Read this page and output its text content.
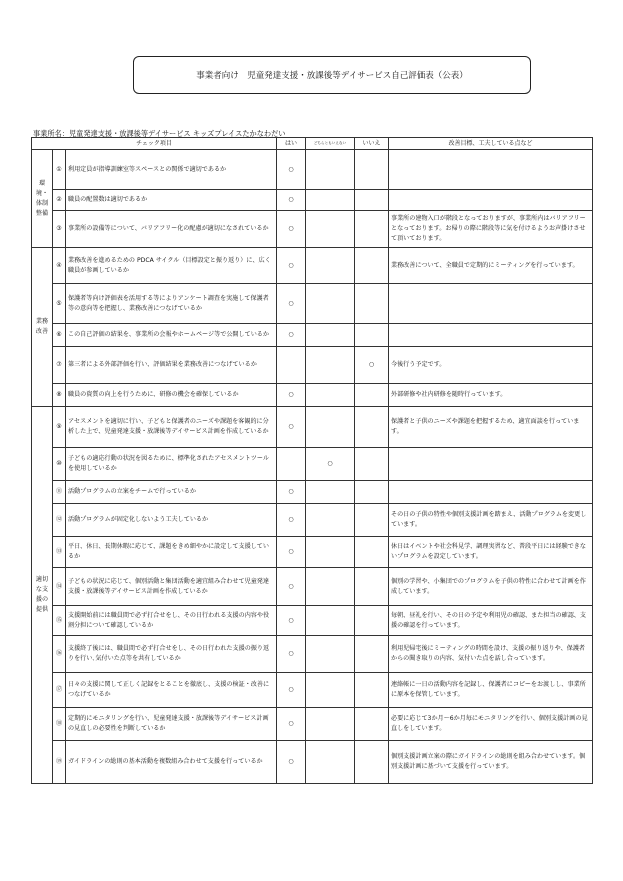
事業者向け　児童発達支援・放課後等デイサービス自己評価表（公表）
事業所名：児童発達支援・放課後等デイサービス キッズプレイスたかなわだい
チェック項目			はい	どちらともいえない	いいえ	改善目標、工夫している点など
環境・体制整備	①	利用定員が指導訓練室等スペースとの関係で適切であるか	○			
	②	職員の配置数は適切であるか	○			
	③	事業所の設備等について、バリアフリー化の配慮が適切になされているか	○			事業所の建物入口が階段となっておりますが、事業所内はバリアフリーとなっております。お帰りの際に階段等に気を付けるようお声掛けさせて頂いております。
業務改善	④	業務改善を進めるための PDCA サイクル（目標設定と振り返り）に、広く職員が参画しているか	○			業務改善について、全職員で定期的にミーティングを行っています。
	⑤	保護者等向け評価表を活用する等によりアンケート調査を実施して保護者等の意向等を把握し、業務改善につなげているか	○			
	⑥	この自己評価の結果を、事業所の会報やホームページ等で公開しているか	○			
	⑦	第三者による外部評価を行い、評価結果を業務改善につなげているか			○	今後行う予定です。
	⑧	職員の資質の向上を行うために、研修の機会を確保しているか	○			外部研修や社内研修を随時行っています。
適切な支援の提供	⑨	アセスメントを適切に行い、子どもと保護者のニーズや課題を客観的に分析した上で、児童発達支援・放課後等デイサービス計画を作成しているか	○			保護者と子供のニーズや課題を把握するため、適宜面談を行っています。
	⑩	子どもの適応行動の状況を図るために、標準化されたアセスメントツールを使用しているか		○		
	⑪	活動プログラムの立案をチームで行っているか	○			
	⑫	活動プログラムが固定化しないよう工夫しているか	○			その日の子供の特性や個別支援計画を踏まえ、活動プログラムを変更しています。
	⑬	平日、休日、長期休暇に応じて、課題をきめ細やかに設定して支援しているか	○			休日はイベントや社会科見学、調理実習など、普段平日には経験できないプログラムを設定しています。
	⑭	子どもの状況に応じて、個別活動と集団活動を適宜組み合わせて児童発達支援・放課後等デイサービス計画を作成しているか	○			個別の学習や、小集団でのプログラムを子供の特性に合わせて計画を作成しています。
	⑮	支援開始前には職員間で必ず打合せをし、その日行われる支援の内容や役割分担について確認しているか	○			毎朝、昼礼を行い、その日の予定や利用児の確認、また担当の確認、支援の確認を行っています。
	⑯	支援終了後には、職員間で必ず打合せをし、その日行われた支援の振り返りを行い､気付いた点等を共有しているか	○			利用児帰宅後にミーティングの時間を設け、支援の振り返りや、保護者からの聞き取りの内容、気付いた点を話し合っています。
	⑰	日々の支援に関して正しく記録をとることを徹底し、支援の検証・改善につなげているか	○			連絡帳に一日の活動内容を記録し、保護者にコピーをお渡しし、事業所に原本を保管しています。
	⑱	定期的にモニタリングを行い、児童発達支援・放課後等デイサービス計画の見直しの必要性を判断しているか	○			必要に応じて3か月～6か月毎にモニタリングを行い、個別支援計画の見直しをしています。
	⑲	ガイドラインの総則の基本活動を複数組み合わせて支援を行っているか	○			個別支援計画立案の際にガイドラインの総則を組み合わせています。個別支援計画に基づいて支援を行っています。
